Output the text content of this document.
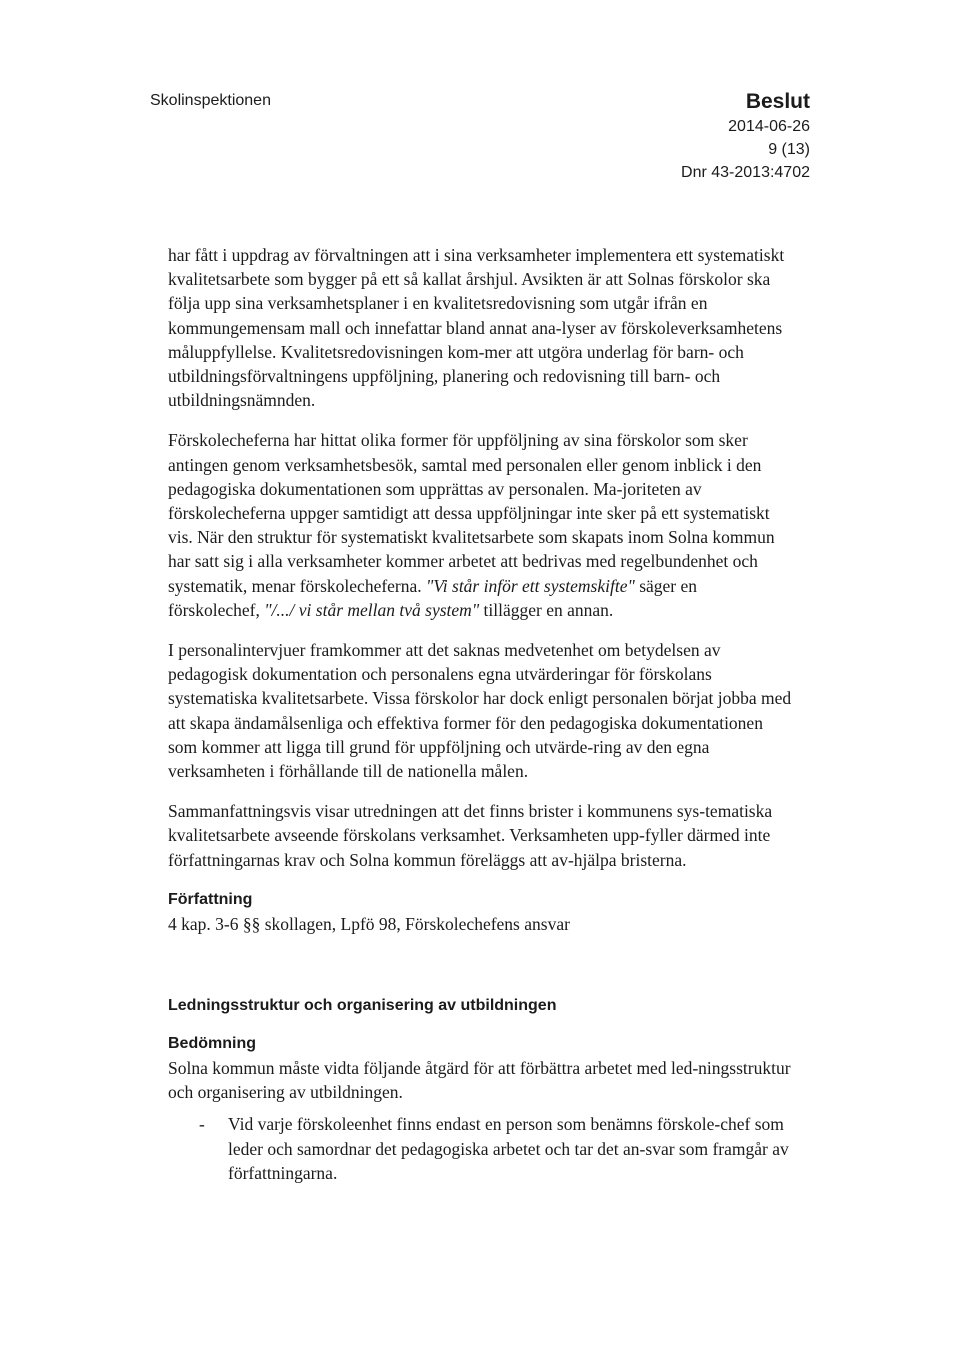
Skolinspektionen	Beslut
2014-06-26
9 (13)
Dnr 43-2013:4702

har fått i uppdrag av förvaltningen att i sina verksamheter implementera ett systematiskt kvalitetsarbete som bygger på ett så kallat årshjul. Avsikten är att Solnas förskolor ska följa upp sina verksamhetsplaner i en kvalitetsredovisning som utgår ifrån en kommungemensam mall och innefattar bland annat ana-lyser av förskoleverksamhetens måluppfyllelse. Kvalitetsredovisningen kom-mer att utgöra underlag för barn- och utbildningsförvaltningens uppföljning, planering och redovisning till barn- och utbildningsnämnden.

Förskolecheferna har hittat olika former för uppföljning av sina förskolor som sker antingen genom verksamhetsbesök, samtal med personalen eller genom inblick i den pedagogiska dokumentationen som upprättas av personalen. Ma-joriteten av förskolecheferna uppger samtidigt att dessa uppföljningar inte sker på ett systematiskt vis. När den struktur för systematiskt kvalitetsarbete som skapats inom Solna kommun har satt sig i alla verksamheter kommer arbetet att bedrivas med regelbundenhet och systematik, menar förskolecheferna. "Vi står inför ett systemskifte" säger en förskolechef, "/.../ vi står mellan två system" tillägger en annan.

I personalintervjuer framkommer att det saknas medvetenhet om betydelsen av pedagogisk dokumentation och personalens egna utvärderingar för förskolans systematiska kvalitetsarbete. Vissa förskolor har dock enligt personalen börjat jobba med att skapa ändamålsenliga och effektiva former för den pedagogiska dokumentationen som kommer att ligga till grund för uppföljning och utvärde-ring av den egna verksamheten i förhållande till de nationella målen.

Sammanfattningsvis visar utredningen att det finns brister i kommunens sys-tematiska kvalitetsarbete avseende förskolans verksamhet. Verksamheten upp-fyller därmed inte författningarnas krav och Solna kommun föreläggs att av-hjälpa bristerna.

Författning

4 kap. 3-6 §§ skollagen, Lpfö 98, Förskolechefens ansvar

Ledningsstruktur och organisering av utbildningen
Bedömning

Solna kommun måste vidta följande åtgärd för att förbättra arbetet med led-ningsstruktur och organisering av utbildningen.

- Vid varje förskoleenhet finns endast en person som benämns förskole-chef som leder och samordnar det pedagogiska arbetet och tar det an-svar som framgår av författningarna.
